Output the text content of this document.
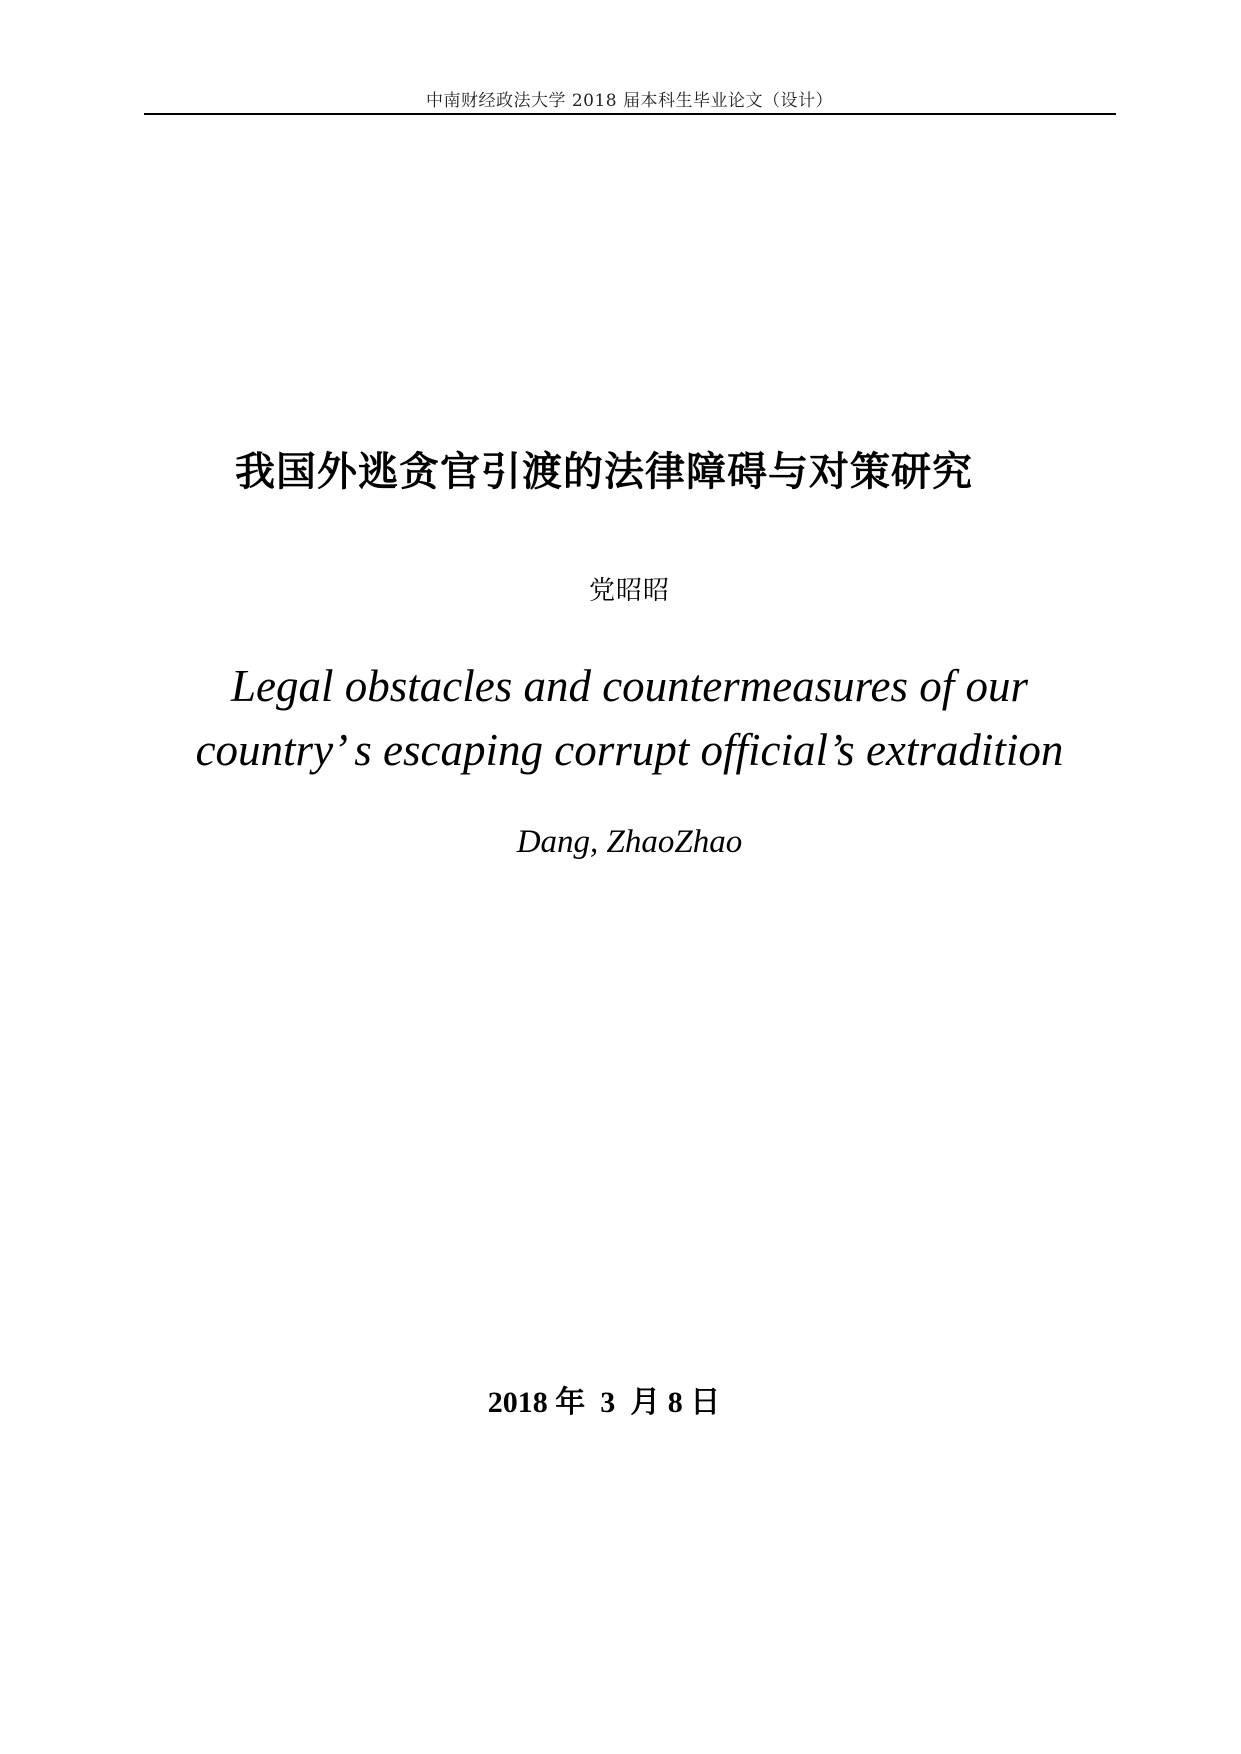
中南财经政法大学 2018 届本科生毕业论文（设计）
我国外逃贪官引渡的法律障碍与对策研究
党昭昭
Legal obstacles and countermeasures of our
country’ s escaping corrupt official’s extradition
Dang, ZhaoZhao
2018 年  3  月 8 日
